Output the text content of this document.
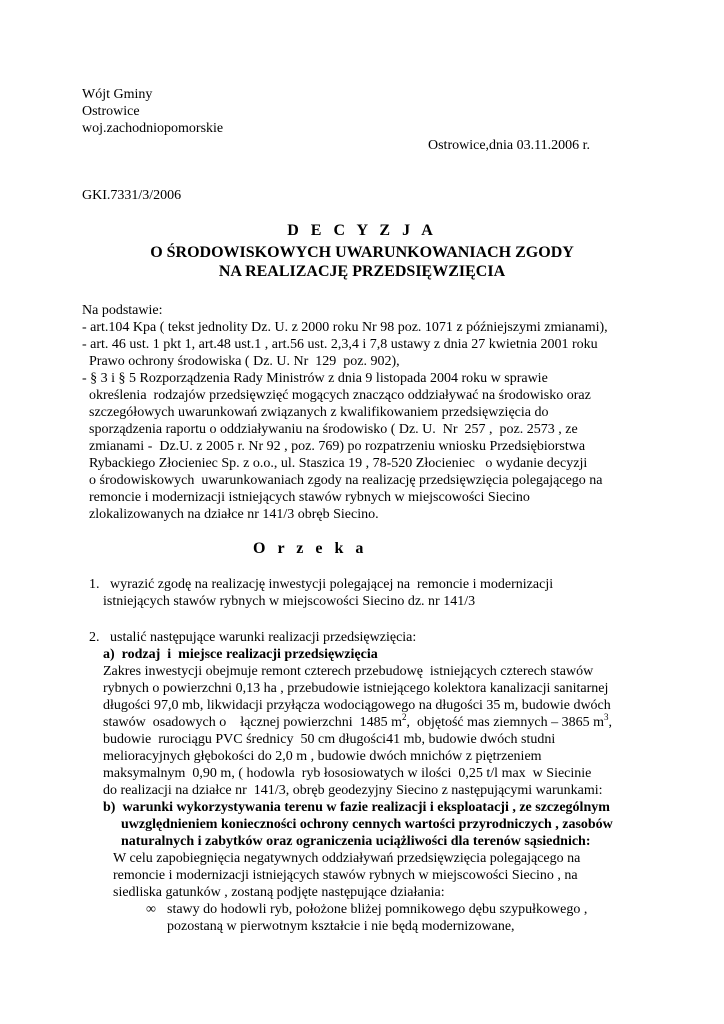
Wójt Gminy
Ostrowice
woj.zachodniopomorskie
Ostrowice,dnia 03.11.2006 r.
GKI.7331/3/2006
D E C Y Z J A
O ŚRODOWISKOWYCH UWARUNKOWANIACH ZGODY
NA REALIZACJĘ PRZEDSIĘWZIĘCIA
Na podstawie:
- art.104 Kpa ( tekst jednolity Dz. U. z 2000 roku Nr 98 poz. 1071 z późniejszymi zmianami),
- art. 46 ust. 1 pkt 1, art.48 ust.1 , art.56 ust. 2,3,4 i 7,8 ustawy z dnia 27 kwietnia 2001 roku
Prawo ochrony środowiska ( Dz. U. Nr  129  poz. 902),
- § 3 i § 5 Rozporządzenia Rady Ministrów z dnia 9 listopada 2004 roku w sprawie
określenia  rodzajów przedsięwzięć mogących znacząco oddziaływać na środowisko oraz
szczegółowych uwarunkowań związanych z kwalifikowaniem przedsięwzięcia do
sporządzenia raportu o oddziaływaniu na środowisko ( Dz. U.  Nr  257 ,  poz. 2573 , ze
zmianami -  Dz.U. z 2005 r. Nr 92 , poz. 769) po rozpatrzeniu wniosku Przedsiębiorstwa
Rybackiego Złocieniec Sp. z o.o., ul. Staszica 19 , 78-520 Złocieniec   o wydanie decyzji
o środowiskowych  uwarunkowaniach zgody na realizację przedsięwzięcia polegającego na
remoncie i modernizacji istniejących stawów rybnych w miejscowości Siecino
zlokalizowanych na działce nr 141/3 obręb Siecino.
O r z e k a
1.   wyrazić zgodę na realizację inwestycji polegającej na  remoncie i modernizacji
istniejących stawów rybnych w miejscowości Siecino dz. nr 141/3
2.   ustalić następujące warunki realizacji przedsięwzięcia:
a)  rodzaj  i  miejsce realizacji przedsięwzięcia
Zakres inwestycji obejmuje remont czterech przebudowę  istniejących czterech stawów
rybnych o powierzchni 0,13 ha , przebudowie istniejącego kolektora kanalizacji sanitarnej
długości 97,0 mb, likwidacji przyłącza wodociągowego na długości 35 m, budowie dwóch
stawów  osadowych o    łącznej powierzchni  1485 $m^2$,  objętość mas ziemnych – 3865 $m^3$,
budowie  rurociągu PVC średnicy  50 cm długości41 mb, budowie dwóch studni
melioracyjnych głębokości do 2,0 m , budowie dwóch mnichów z piętrzeniem
maksymalnym  0,90 m, ( hodowla  ryb łososiowatych w ilości  0,25 t/l max  w Siecinie
do realizacji na działce nr  141/3, obręb geodezyjny Siecino z następującymi warunkami:
b)  warunki wykorzystywania terenu w fazie realizacji i eksploatacji , ze szczególnym
uwzględnieniem konieczności ochrony cennych wartości przyrodniczych , zasobów
naturalnych i zabytków oraz ograniczenia uciążliwości dla terenów sąsiednich:
W celu zapobiegnięcia negatywnych oddziaływań przedsięwzięcia polegającego na
remoncie i modernizacji istniejących stawów rybnych w miejscowości Siecino , na
siedliska gatunków , zostaną podjęte następujące działania:
∞ stawy do hodowli ryb, położone bliżej pomnikowego dębu szypułkowego ,
pozostaną w pierwotnym kształcie i nie będą modernizowane,
